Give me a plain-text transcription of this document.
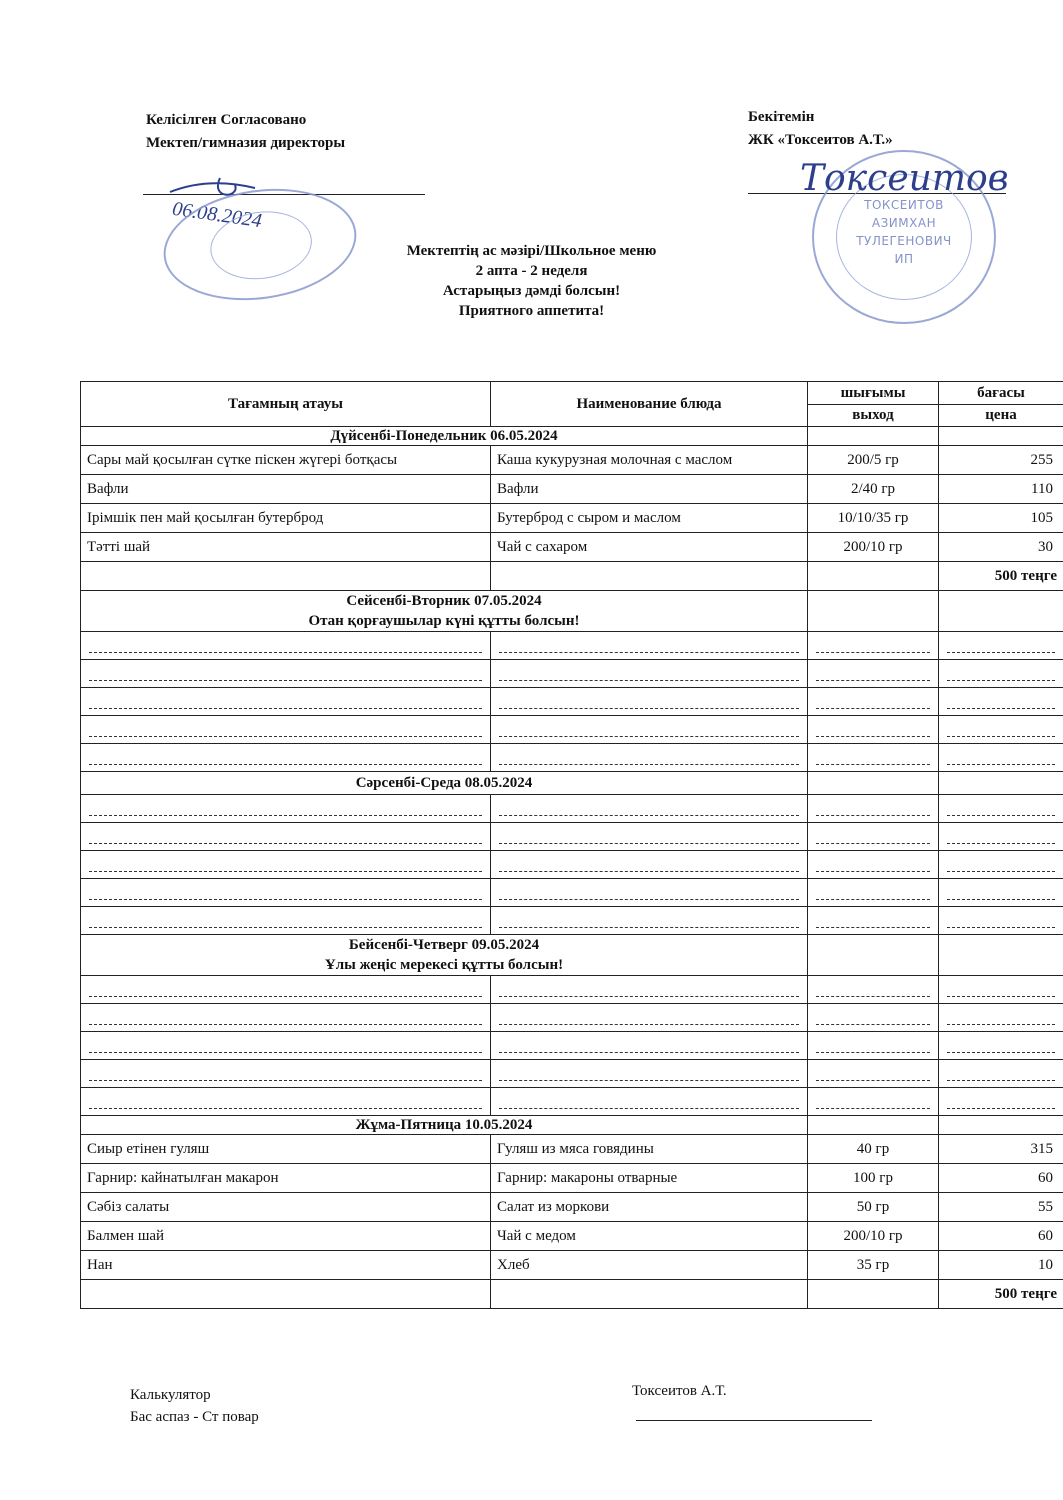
Келісілген Согласовано
Мектеп/гимназия директоры
06.08.2024
Бекітемін
ЖК «Токсеитов А.Т.»
ТОКСЕИТОВ
АЗИМХАН
ТУЛЕГЕНОВИЧ
ИП
Токсеитов
Мектептің ас мәзірі/Школьное меню
2 апта - 2 неделя
Астарыңыз дәмді болсын!
Приятного аппетита!
Тағамның атауы	Наименование блюда	шығымы	бағасы
		выход	цена
Дүйсенбі-Понедельник 06.05.2024			
Сары май қосылған сүтке піскен жүгері ботқасы	Каша кукурузная молочная с маслом	200/5 гр	255
Вафли	Вафли	2/40 гр	110
Ірімшік пен май қосылған бутерброд	Бутерброд с сыром и маслом	10/10/35 гр	105
Тәтті шай	Чай с сахаром	200/10 гр	30
			500 теңге

Сейсенбі-Вторник 07.05.2024
Отан қорғаушылар күні құтты болсын!			

Сәрсенбі-Среда 08.05.2024			

Бейсенбі-Четверг 09.05.2024
Ұлы жеңіс мерекесі құтты болсын!			

Жұма-Пятница 10.05.2024			
Сиыр етінен гуляш	Гуляш из мяса говядины	40 гр	315
Гарнир: кайнатылған макарон	Гарнир: макароны отварные	100 гр	60
Сәбіз салаты	Салат из моркови	50 гр	55
Балмен шай	Чай с медом	200/10 гр	60
Нан	Хлеб	35 гр	10
			500 теңге
Калькулятор
Бас аспаз - Ст повар
Токсеитов А.Т.
